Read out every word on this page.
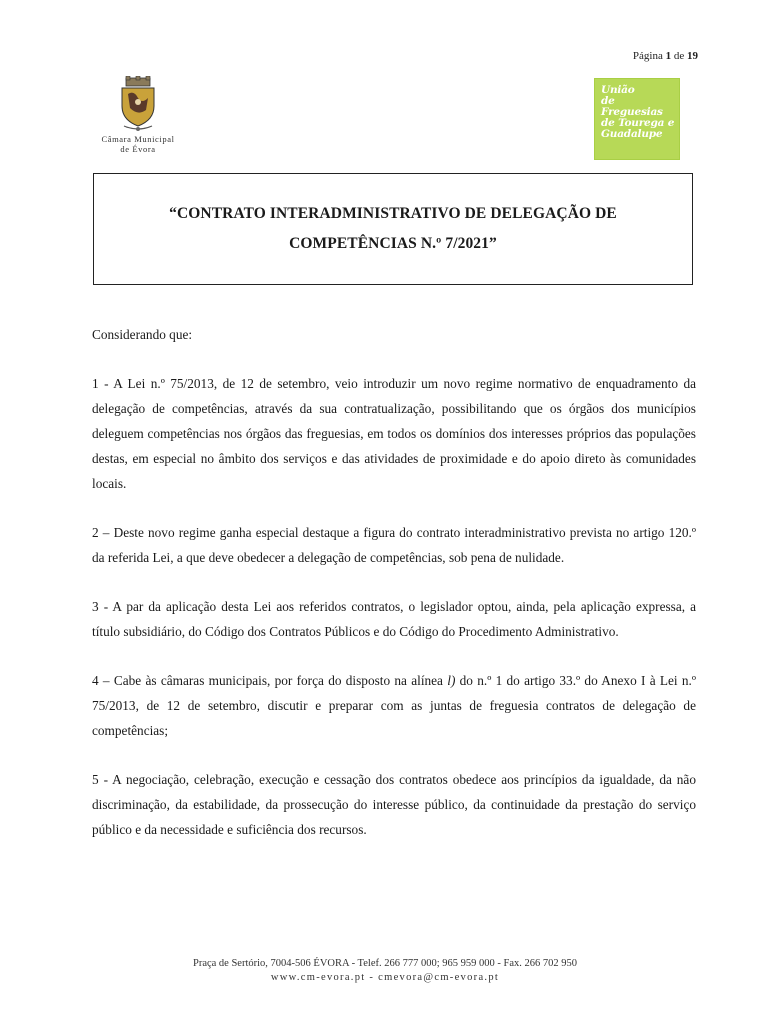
Página 1 de 19
Câmara Municipal
de Évora
União
de
Freguesias
de Tourega e
Guadalupe
“CONTRATO INTERADMINISTRATIVO DE DELEGAÇÃO DE
COMPETÊNCIAS N.º 7/2021”

Considerando que:

1 - A Lei n.º 75/2013, de 12 de setembro, veio introduzir um novo regime normativo de enquadramento da delegação de competências, através da sua contratualização, possibilitando que os órgãos dos municípios deleguem competências nos órgãos das freguesias, em todos os domínios dos interesses próprios das populações destas, em especial no âmbito dos serviços e das atividades de proximidade e do apoio direto às comunidades locais.

2 – Deste novo regime ganha especial destaque a figura do contrato interadministrativo prevista no artigo 120.º da referida Lei, a que deve obedecer a delegação de competências, sob pena de nulidade.

3 - A par da aplicação desta Lei aos referidos contratos, o legislador optou, ainda, pela aplicação expressa, a título subsidiário, do Código dos Contratos Públicos e do Código do Procedimento Administrativo.

4 – Cabe às câmaras municipais, por força do disposto na alínea l) do n.º 1 do artigo 33.º do Anexo I à Lei n.º 75/2013, de 12 de setembro, discutir e preparar com as juntas de freguesia contratos de delegação de competências;

5 - A negociação, celebração, execução e cessação dos contratos obedece aos princípios da igualdade, da não discriminação, da estabilidade, da prossecução do interesse público, da continuidade da prestação do serviço público e da necessidade e suficiência dos recursos.

Praça de Sertório, 7004-506 ÉVORA - Telef. 266 777 000; 965 959 000 - Fax. 266 702 950
www.cm-evora.pt - cmevora@cm-evora.pt
